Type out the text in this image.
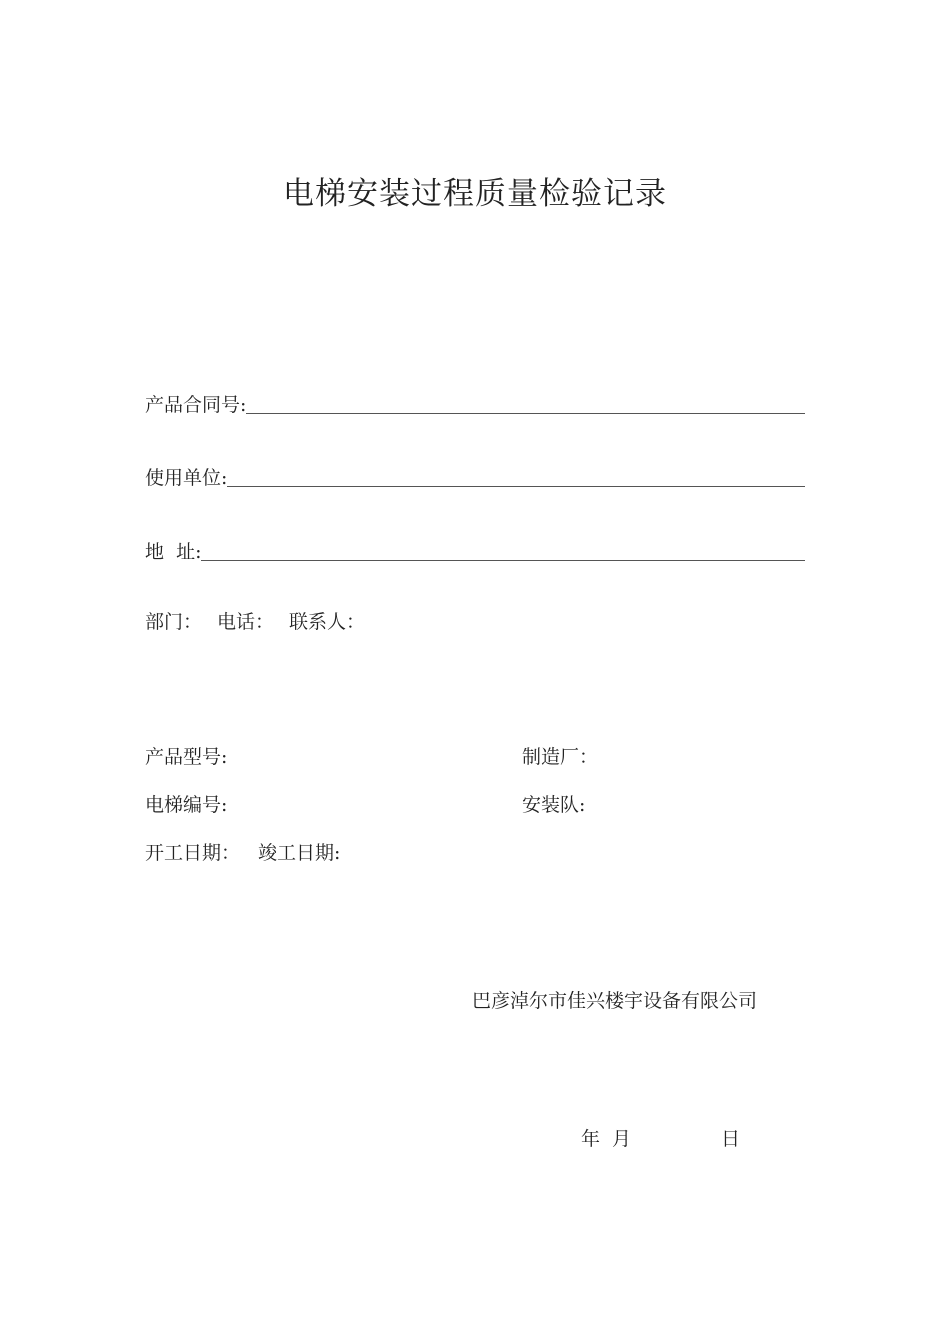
电梯安装过程质量检验记录
产品合同号:
使用单位:
地  址:
部门： 电话： 联系人：
产品型号:	制造厂：
电梯编号:	安装队:
开工日期： 竣工日期:
巴彦淖尔市佳兴楼宇设备有限公司
年 月	日
